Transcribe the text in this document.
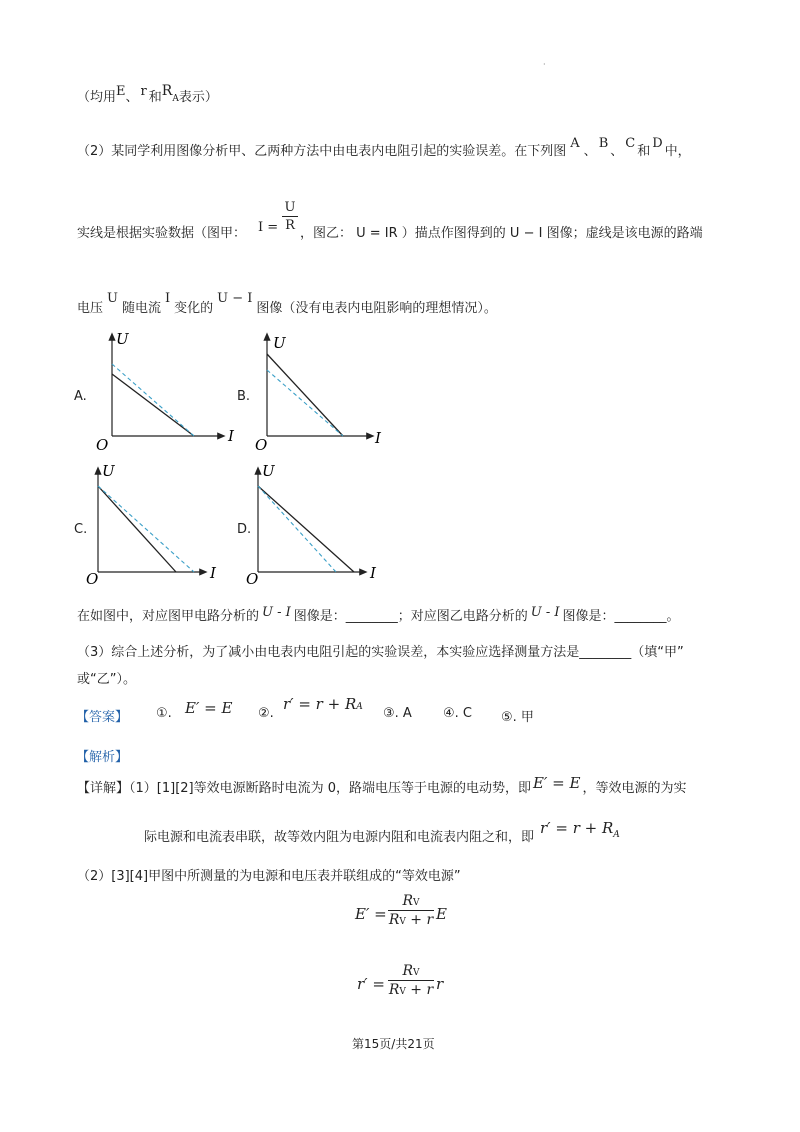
·
（均用E、 r 和RA表示）
（2）某同学利用图像分析甲、乙两种方法中由电表内电阻引起的实验误差。在下列图A、B、C和D中，
实线是根据实验数据（图甲： I =
U
R
，图乙： U = IR ）描点作图得到的 U − I 图像；虚线是该电源的路端
电压U随电流I变化的U − I图像（没有电表内电阻影响的理想情况）。
A.	B.
C.	D.
U
I
O
U
I
O
U
I
O
U
I
O
在如图中，对应图甲电路分析的 U - I 图像是：________；对应图乙电路分析的 U - I 图像是：________。
（3）综合上述分析，为了减小由电表内电阻引起的实验误差，本实验应选择测量方法是________（填“甲”
或“乙”）。
【答案】 ①. E′ = E ②.
r′ = r + RA ③. A ④. C ⑤. 甲
【解析】
【详解】（1）[1][2]等效电源断路时电流为 0，路端电压等于电源的电动势，即 E′ = E ，等效电源的为实
际电源和电流表串联，故等效内阻为电源内阻和电流表内阻之和，即$r' = r + R^A$
（2）[3][4]甲图中所测量的为电源和电压表并联组成的“等效电源”
E′ =
RV
RV + r E
r′ =
RV
RV + r r
第15页/共21页
